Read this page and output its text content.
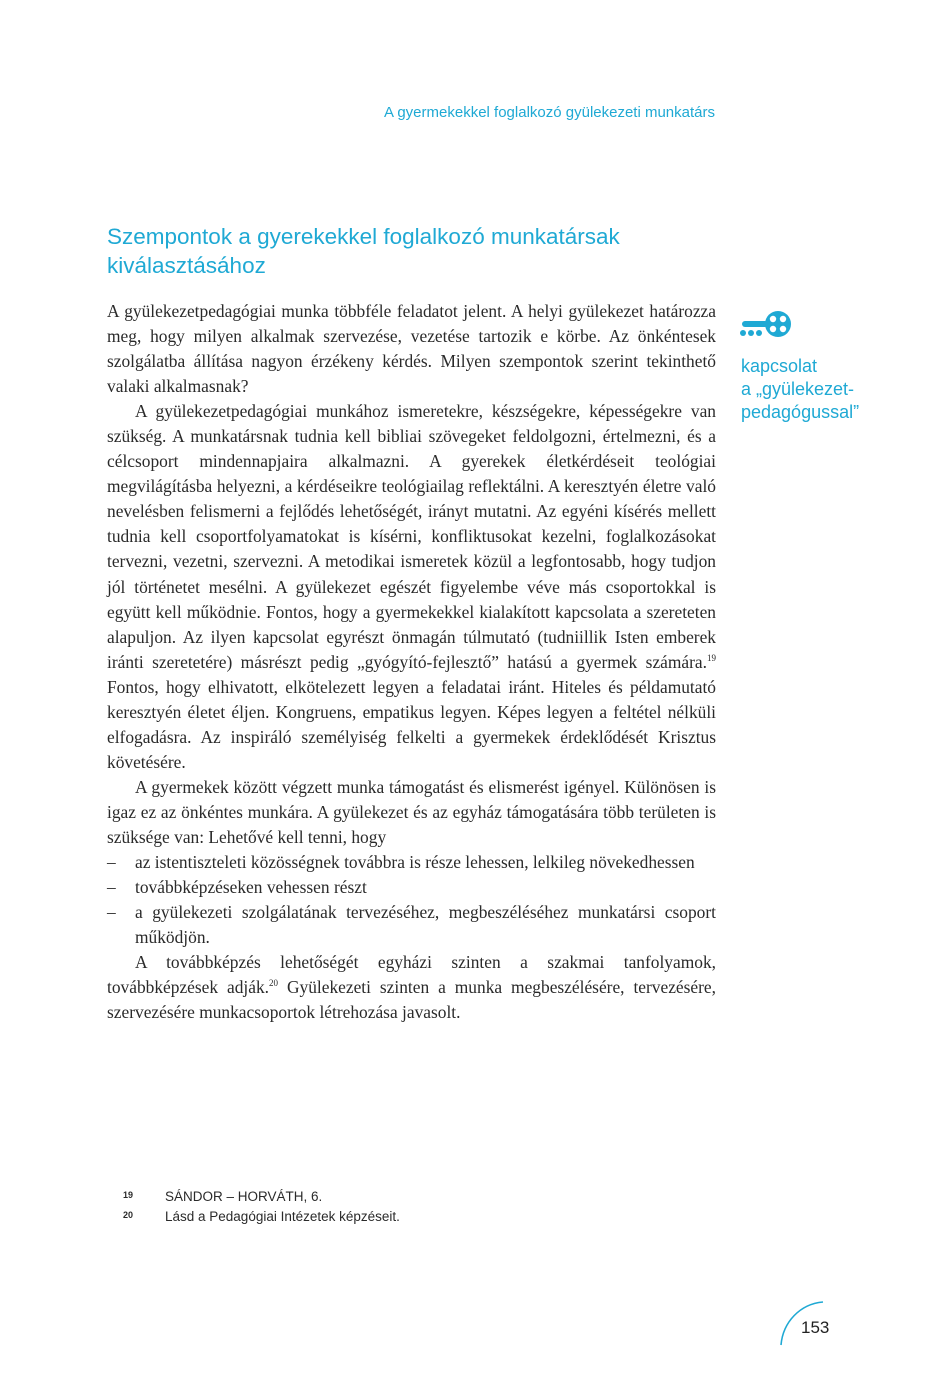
A gyermekekkel foglalkozó gyülekezeti munkatárs
Szempontok a gyerekekkel foglalkozó munkatársak
kiválasztásához

A gyülekezetpedagógiai munka többféle feladatot jelent. A helyi gyülekezet határozza meg, hogy milyen alkalmak szervezése, vezetése tartozik e körbe. Az önkéntesek szolgálatba állítása nagyon érzékeny kérdés. Milyen szempontok szerint tekinthető valaki alkalmasnak?

A gyülekezetpedagógiai munkához ismeretekre, készségekre, képességekre van szükség. A munkatársnak tudnia kell bibliai szövegeket feldolgozni, értelmezni, és a célcsoport mindennapjaira alkalmazni. A gyerekek életkérdéseit teológiai megvilágításba helyezni, a kérdéseikre teológiailag reflektálni. A keresztyén életre való nevelésben felismerni a fejlődés lehetőségét, irányt mutatni. Az egyéni kísérés mellett tudnia kell csoportfolyamatokat is kísérni, konfliktusokat kezelni, foglalkozásokat tervezni, vezetni, szervezni. A metodikai ismeretek közül a legfontosabb, hogy tudjon jól történetet mesélni. A gyülekezet egészét figyelembe véve más csoportokkal is együtt kell működnie. Fontos, hogy a gyermekekkel kialakított kapcsolata a szereteten alapuljon. Az ilyen kapcsolat egyrészt önmagán túlmutató (tudniillik Isten emberek iránti szeretetére) másrészt pedig „gyógyító-fejlesztő” hatású a gyermek számára.$^{19}$ Fontos, hogy elhivatott, elkötelezett legyen a feladatai iránt. Hiteles és példamutató keresztyén életet éljen. Kongruens, empatikus legyen. Képes legyen a feltétel nélküli elfogadásra. Az inspiráló személyiség felkelti a gyermekek érdeklődését Krisztus követésére.

A gyermekek között végzett munka támogatást és elismerést igényel. Különösen is igaz ez az önkéntes munkára. A gyülekezet és az egyház támogatására több területen is szüksége van: Lehetővé kell tenni, hogy

– az istentiszteleti közösségnek továbbra is része lehessen, lelkileg növekedhessen
– továbbképzéseken vehessen részt
– a gyülekezeti szolgálatának tervezéséhez, megbeszéléséhez munkatársi csoport működjön.

A továbbképzés lehetőségét egyházi szinten a szakmai tanfolyamok, továbbképzések adják.$^{20}$ Gyülekezeti szinten a munka megbeszélésére, tervezésére, szervezésére munkacsoportok létrehozása javasolt.

kapcsolat
a „gyülekezet-
pedagógussal”
19 SÁNDOR – HORVÁTH, 6.
20 Lásd a Pedagógiai Intézetek képzéseit.
153
